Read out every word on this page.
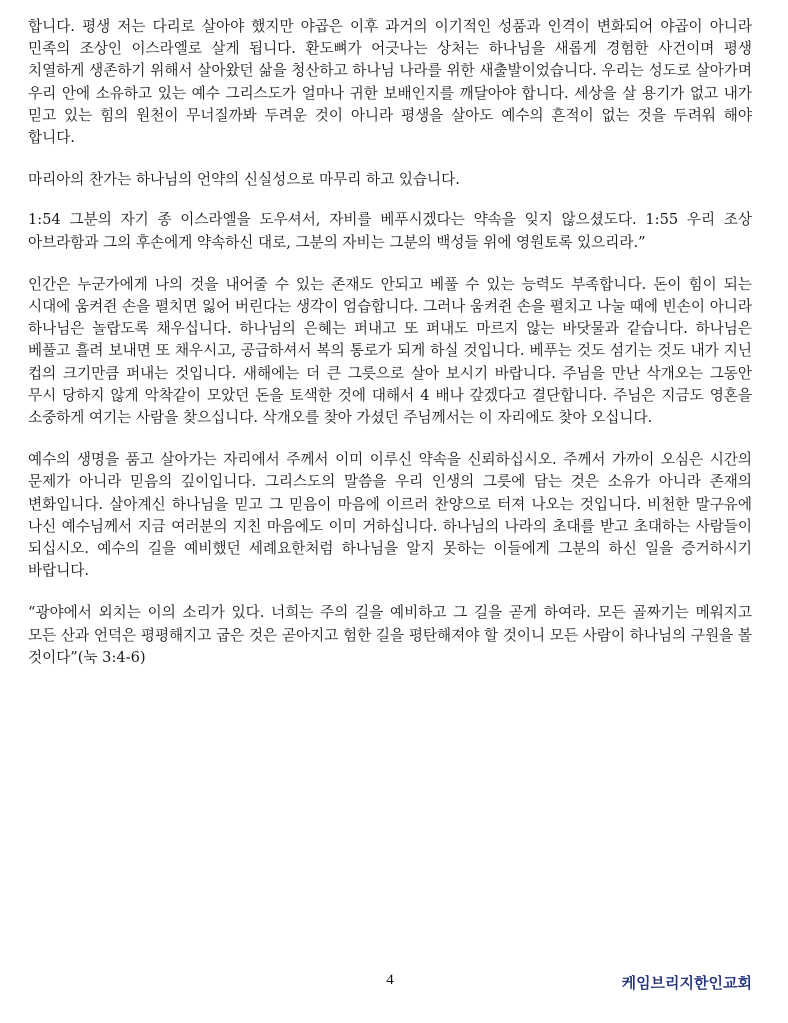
합니다. 평생 저는 다리로 살아야 했지만 야곱은 이후 과거의 이기적인 성품과 인격이 변화되어 야곱이 아니라 민족의 조상인 이스라엘로 살게 됩니다. 환도뼈가 어긋나는 상처는 하나님을 새롭게 경험한 사건이며 평생 치열하게 생존하기 위해서 살아왔던 삶을 청산하고 하나님 나라를 위한 새출발이었습니다. 우리는 성도로 살아가며 우리 안에 소유하고 있는 예수 그리스도가 얼마나 귀한 보배인지를 깨달아야 합니다. 세상을 살 용기가 없고 내가 믿고 있는 힘의 원천이 무너질까봐 두려운 것이 아니라 평생을 살아도 예수의 흔적이 없는 것을 두려워 해야 합니다.

마리아의 찬가는 하나님의 언약의 신실성으로 마무리 하고 있습니다.

1:54 그분의 자기 종 이스라엘을 도우셔서, 자비를 베푸시겠다는 약속을 잊지 않으셨도다. 1:55 우리 조상 아브라함과 그의 후손에게 약속하신 대로, 그분의 자비는 그분의 백성들 위에 영원토록 있으리라.”

인간은 누군가에게 나의 것을 내어줄 수 있는 존재도 안되고 베풀 수 있는 능력도 부족합니다. 돈이 힘이 되는 시대에 움켜쥔 손을 펼치면 잃어 버린다는 생각이 엄습합니다. 그러나 움켜쥔 손을 펼치고 나눌 때에 빈손이 아니라 하나님은 놀랍도록 채우십니다. 하나님의 은혜는 퍼내고 또 퍼내도 마르지 않는 바닷물과 같습니다. 하나님은 베풀고 흘려 보내면 또 채우시고, 공급하셔서 복의 통로가 되게 하실 것입니다. 베푸는 것도 섬기는 것도 내가 지닌 컵의 크기만큼 퍼내는 것입니다. 새해에는 더 큰 그릇으로 살아 보시기 바랍니다. 주님을 만난 삭개오는 그동안 무시 당하지 않게 악착같이 모았던 돈을 토색한 것에 대해서 4 배나 갚겠다고 결단합니다. 주님은 지금도 영혼을 소중하게 여기는 사람을 찾으십니다. 삭개오를 찾아 가셨던 주님께서는 이 자리에도 찾아 오십니다.

예수의 생명을 품고 살아가는 자리에서 주께서 이미 이루신 약속을 신뢰하십시오. 주께서 가까이 오심은 시간의 문제가 아니라 믿음의 깊이입니다. 그리스도의 말씀을 우리 인생의 그릇에 담는 것은 소유가 아니라 존재의 변화입니다. 살아계신 하나님을 믿고 그 믿음이 마음에 이르러 찬양으로 터져 나오는 것입니다. 비천한 말구유에 나신 예수님께서 지금 여러분의 지친 마음에도 이미 거하십니다. 하나님의 나라의 초대를 받고 초대하는 사람들이 되십시오. 예수의 길을 예비했던 세례요한처럼 하나님을 알지 못하는 이들에게 그분의 하신 일을 증거하시기 바랍니다.

“광야에서 외치는 이의 소리가 있다. 너희는 주의 길을 예비하고 그 길을 곧게 하여라. 모든 골짜기는 메워지고 모든 산과 언덕은 평평해지고 굽은 것은 곧아지고 험한 길을 평탄해져야 할 것이니 모든 사람이 하나님의 구원을 볼 것이다”(눅 3:4-6)

4	케임브리지한인교회
